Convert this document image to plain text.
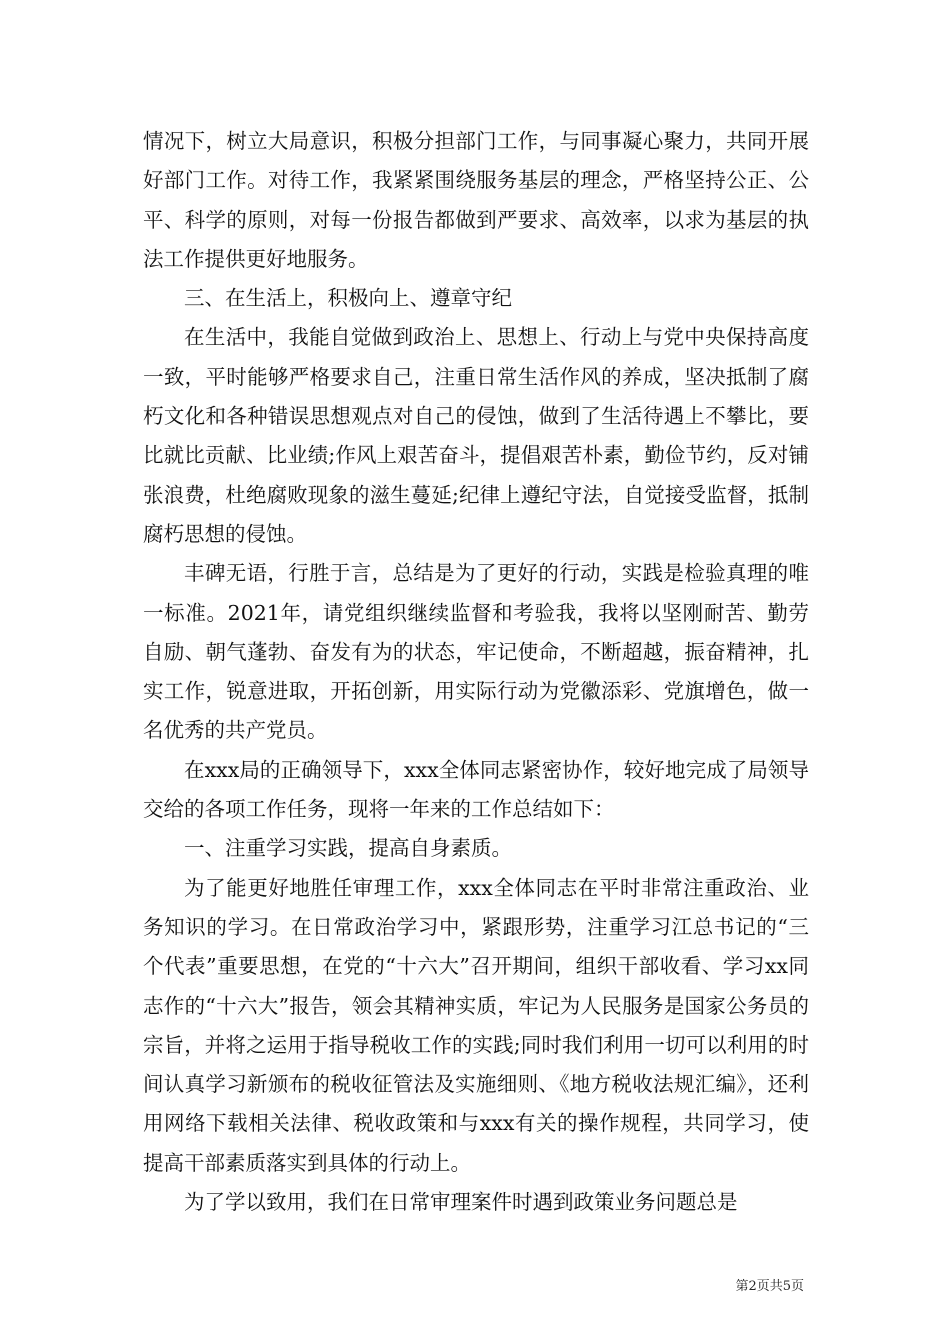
情况下，树立大局意识，积极分担部门工作，与同事凝心聚力，共同开展好部门工作。对待工作，我紧紧围绕服务基层的理念，严格坚持公正、公平、科学的原则，对每一份报告都做到严要求、高效率，以求为基层的执法工作提供更好地服务。

三、在生活上，积极向上、遵章守纪

在生活中，我能自觉做到政治上、思想上、行动上与党中央保持高度一致，平时能够严格要求自己，注重日常生活作风的养成，坚决抵制了腐朽文化和各种错误思想观点对自己的侵蚀，做到了生活待遇上不攀比，要比就比贡献、比业绩;作风上艰苦奋斗，提倡艰苦朴素，勤俭节约，反对铺张浪费，杜绝腐败现象的滋生蔓延;纪律上遵纪守法，自觉接受监督，抵制腐朽思想的侵蚀。

丰碑无语，行胜于言，总结是为了更好的行动，实践是检验真理的唯一标准。2021年，请党组织继续监督和考验我，我将以坚刚耐苦、勤劳自励、朝气蓬勃、奋发有为的状态，牢记使命，不断超越，振奋精神，扎实工作，锐意进取，开拓创新，用实际行动为党徽添彩、党旗增色，做一名优秀的共产党员。

在xxx局的正确领导下，xxx全体同志紧密协作，较好地完成了局领导交给的各项工作任务，现将一年来的工作总结如下：

一、注重学习实践，提高自身素质。

为了能更好地胜任审理工作，xxx全体同志在平时非常注重政治、业务知识的学习。在日常政治学习中，紧跟形势，注重学习江总书记的“三个代表”重要思想，在党的“十六大”召开期间，组织干部收看、学习xx同志作的“十六大”报告，领会其精神实质，牢记为人民服务是国家公务员的宗旨，并将之运用于指导税收工作的实践;同时我们利用一切可以利用的时间认真学习新颁布的税收征管法及实施细则、《地方税收法规汇编》，还利用网络下载相关法律、税收政策和与xxx有关的操作规程，共同学习，使提高干部素质落实到具体的行动上。

为了学以致用，我们在日常审理案件时遇到政策业务问题总是

第2页共5页
